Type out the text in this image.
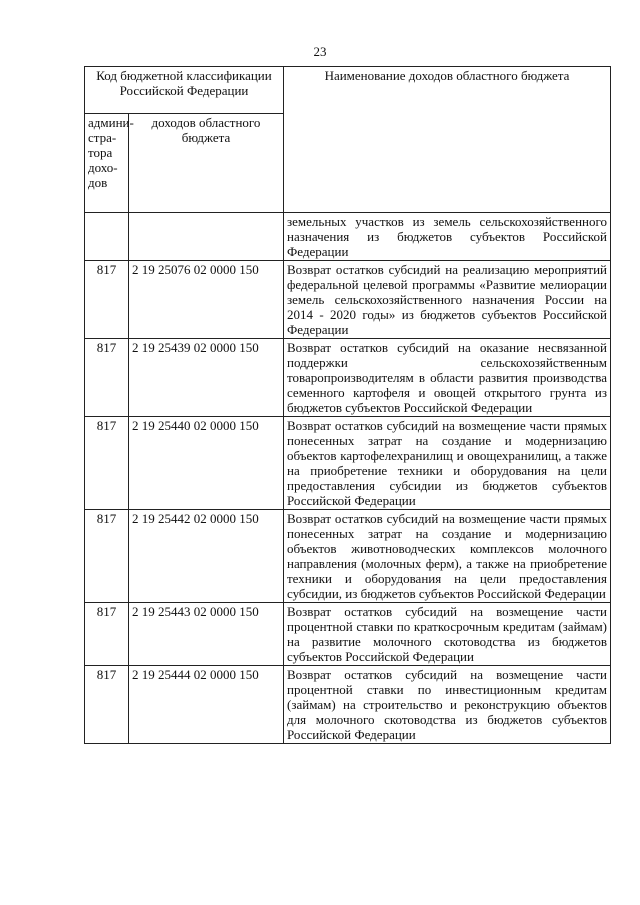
23
Код бюджетной классификации Российской Федерации		Наименование доходов областного бюджета
админи-стра-тора дохо-дов	доходов областного бюджета	

		земельных участков из земель сельскохозяйственного назначения из бюджетов субъектов Российской Федерации

817	2 19 25076 02 0000 150	Возврат остатков субсидий на реализацию мероприятий федеральной целевой программы «Развитие мелиорации земель сельскохозяйственного назначения России на 2014 - 2020 годы» из бюджетов субъектов Российской Федерации

817	2 19 25439 02 0000 150	Возврат остатков субсидий на оказание несвязанной поддержки сельскохозяйственным товаропроизводителям в области развития производства семенного картофеля и овощей открытого грунта из бюджетов субъектов Российской Федерации

817	2 19 25440 02 0000 150	Возврат остатков субсидий на возмещение части прямых понесенных затрат на создание и модернизацию объектов картофелехранилищ и овощехранилищ, а также на приобретение техники и оборудования на цели предоставления субсидии из бюджетов субъектов Российской Федерации

817	2 19 25442 02 0000 150	Возврат остатков субсидий на возмещение части прямых понесенных затрат на создание и модернизацию объектов животноводческих комплексов молочного направления (молочных ферм), а также на приобретение техники и оборудования на цели предоставления субсидии, из бюджетов субъектов Российской Федерации

817	2 19 25443 02 0000 150	Возврат остатков субсидий на возмещение части процентной ставки по краткосрочным кредитам (займам) на развитие молочного скотоводства из бюджетов субъектов Российской Федерации

817	2 19 25444 02 0000 150	Возврат остатков субсидий на возмещение части процентной ставки по инвестиционным кредитам (займам) на строительство и реконструкцию объектов для молочного скотоводства из бюджетов субъектов Российской Федерации
